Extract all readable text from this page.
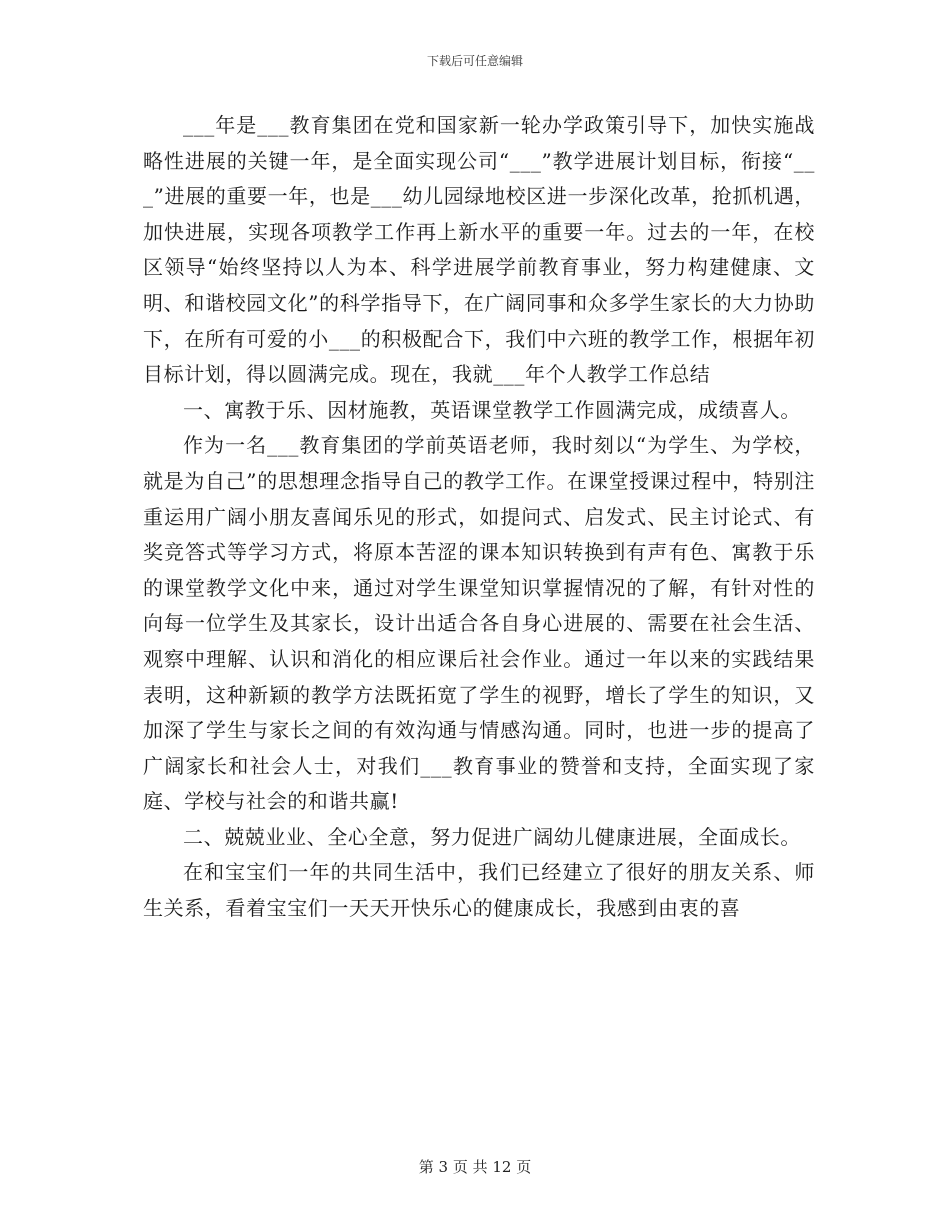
下载后可任意编辑

___年是___教育集团在党和国家新一轮办学政策引导下，加快实施战略性进展的关键一年，是全面实现公司“___”教学进展计划目标，衔接“___”进展的重要一年，也是___幼儿园绿地校区进一步深化改革，抢抓机遇，加快进展，实现各项教学工作再上新水平的重要一年。过去的一年，在校区领导“始终坚持以人为本、科学进展学前教育事业，努力构建健康、文明、和谐校园文化”的科学指导下，在广阔同事和众多学生家长的大力协助下，在所有可爱的小___的积极配合下，我们中六班的教学工作，根据年初目标计划，得以圆满完成。现在，我就___年个人教学工作总结

一、寓教于乐、因材施教，英语课堂教学工作圆满完成，成绩喜人。

作为一名___教育集团的学前英语老师，我时刻以“为学生、为学校，就是为自己”的思想理念指导自己的教学工作。在课堂授课过程中，特别注重运用广阔小朋友喜闻乐见的形式，如提问式、启发式、民主讨论式、有奖竞答式等学习方式，将原本苦涩的课本知识转换到有声有色、寓教于乐的课堂教学文化中来，通过对学生课堂知识掌握情况的了解，有针对性的向每一位学生及其家长，设计出适合各自身心进展的、需要在社会生活、观察中理解、认识和消化的相应课后社会作业。通过一年以来的实践结果表明，这种新颖的教学方法既拓宽了学生的视野，增长了学生的知识，又加深了学生与家长之间的有效沟通与情感沟通。同时，也进一步的提高了广阔家长和社会人士，对我们___教育事业的赞誉和支持，全面实现了家庭、学校与社会的和谐共赢!

二、兢兢业业、全心全意，努力促进广阔幼儿健康进展，全面成长。

在和宝宝们一年的共同生活中，我们已经建立了很好的朋友关系、师生关系，看着宝宝们一天天开快乐心的健康成长，我感到由衷的喜

第 3 页 共 12 页
